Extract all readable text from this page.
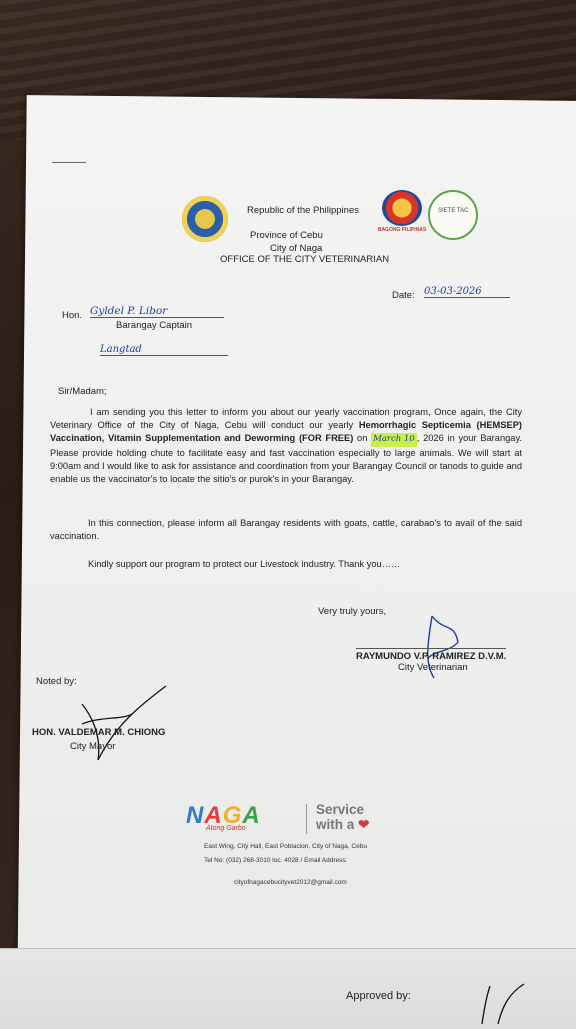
BAGONG PILIPINAS
SIETE TAC
Republic of the Philippines
Province of Cebu
City of Naga
OFFICE OF THE CITY VETERINARIAN
Date: 03-03-2026
Hon. Gyldel P. Libor
Barangay Captain
Langtad
Sir/Madam;
I am sending you this letter to inform you about our yearly vaccination program, Once again, the City Veterinary Office of the City of Naga, Cebu will conduct our yearly Hemorrhagic Septicemia (HEMSEP) Vaccination, Vitamin Supplementation and Deworming (FOR FREE) on March 10 , 2026 in your Barangay. Please provide holding chute to facilitate easy and fast vaccination especially to large animals. We will start at 9:00am and I would like to ask for assistance and coordination from your Barangay Council or tanods to guide and enable us the vaccinator's to locate the sitio's or purok's in your Barangay.
In this connection, please inform all Barangay residents with goats, cattle, carabao's to avail of the said vaccination.
Kindly support our program to protect our Livestock industry. Thank you……
Very truly yours,
RAYMUNDO V.P. RAMIREZ D.V.M.
City Veterinarian
Noted by:
HON. VALDEMAR M. CHIONG
City Mayor
NAGA
Atong Garbo
Service
with a ❤
East Wing, City Hall, East Poblacion, City of Naga, Cebu
Tel No: (032) 268-3010 loc. 4028 / Email Address:
cityofnagacebucityvet2012@gmail.com
Approved by:
